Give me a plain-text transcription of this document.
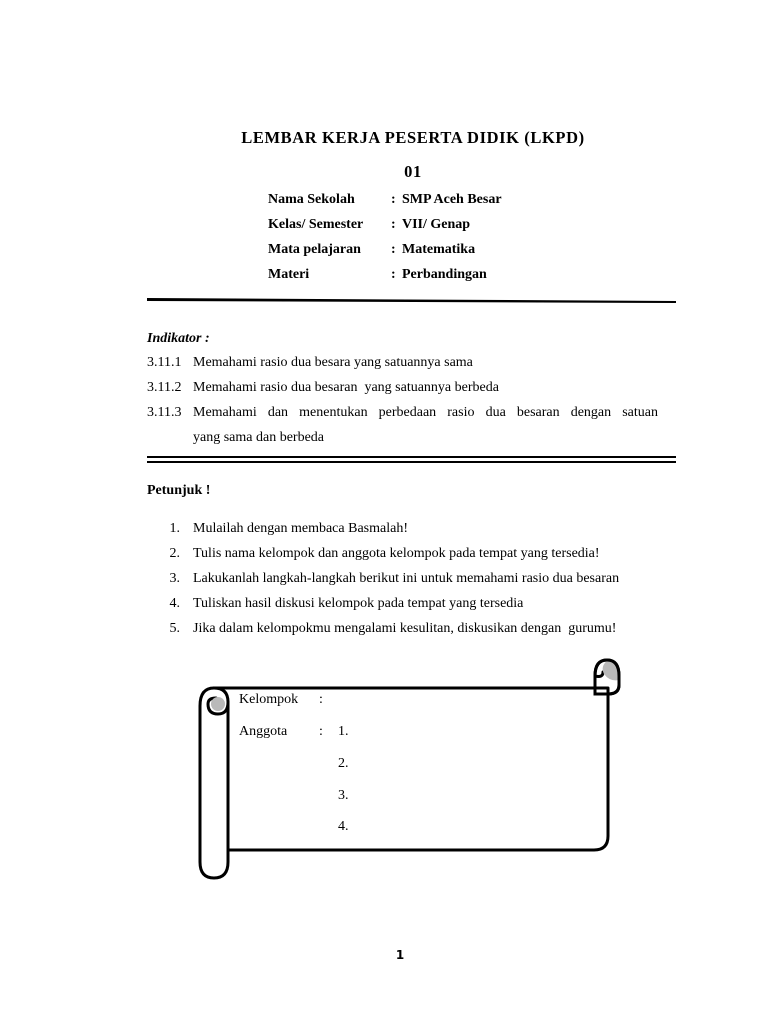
LEMBAR KERJA PESERTA DIDIK (LKPD)
01
Nama Sekolah	: SMP Aceh Besar
Kelas/ Semester : VII/ Genap
Mata pelajaran : Matematika
Materi	: Perbandingan
Indikator :
3.11.1 Memahami rasio dua besara yang satuannya sama
3.11.2 Memahami rasio dua besaran  yang satuannya berbeda
3.11.3 Memahami dan menentukan perbedaan rasio dua besaran dengan satuan
yang sama dan berbeda
Petunjuk !
1. Mulailah dengan membaca Basmalah!
2. Tulis nama kelompok dan anggota kelompok pada tempat yang tersedia!
3. Lakukanlah langkah-langkah berikut ini untuk memahami rasio dua besaran
4. Tuliskan hasil diskusi kelompok pada tempat yang tersedia
5. Jika dalam kelompokmu mengalami kesulitan, diskusikan dengan  gurumu!
Kelompok :
Anggota : 1.
2.
3.
4.
1
